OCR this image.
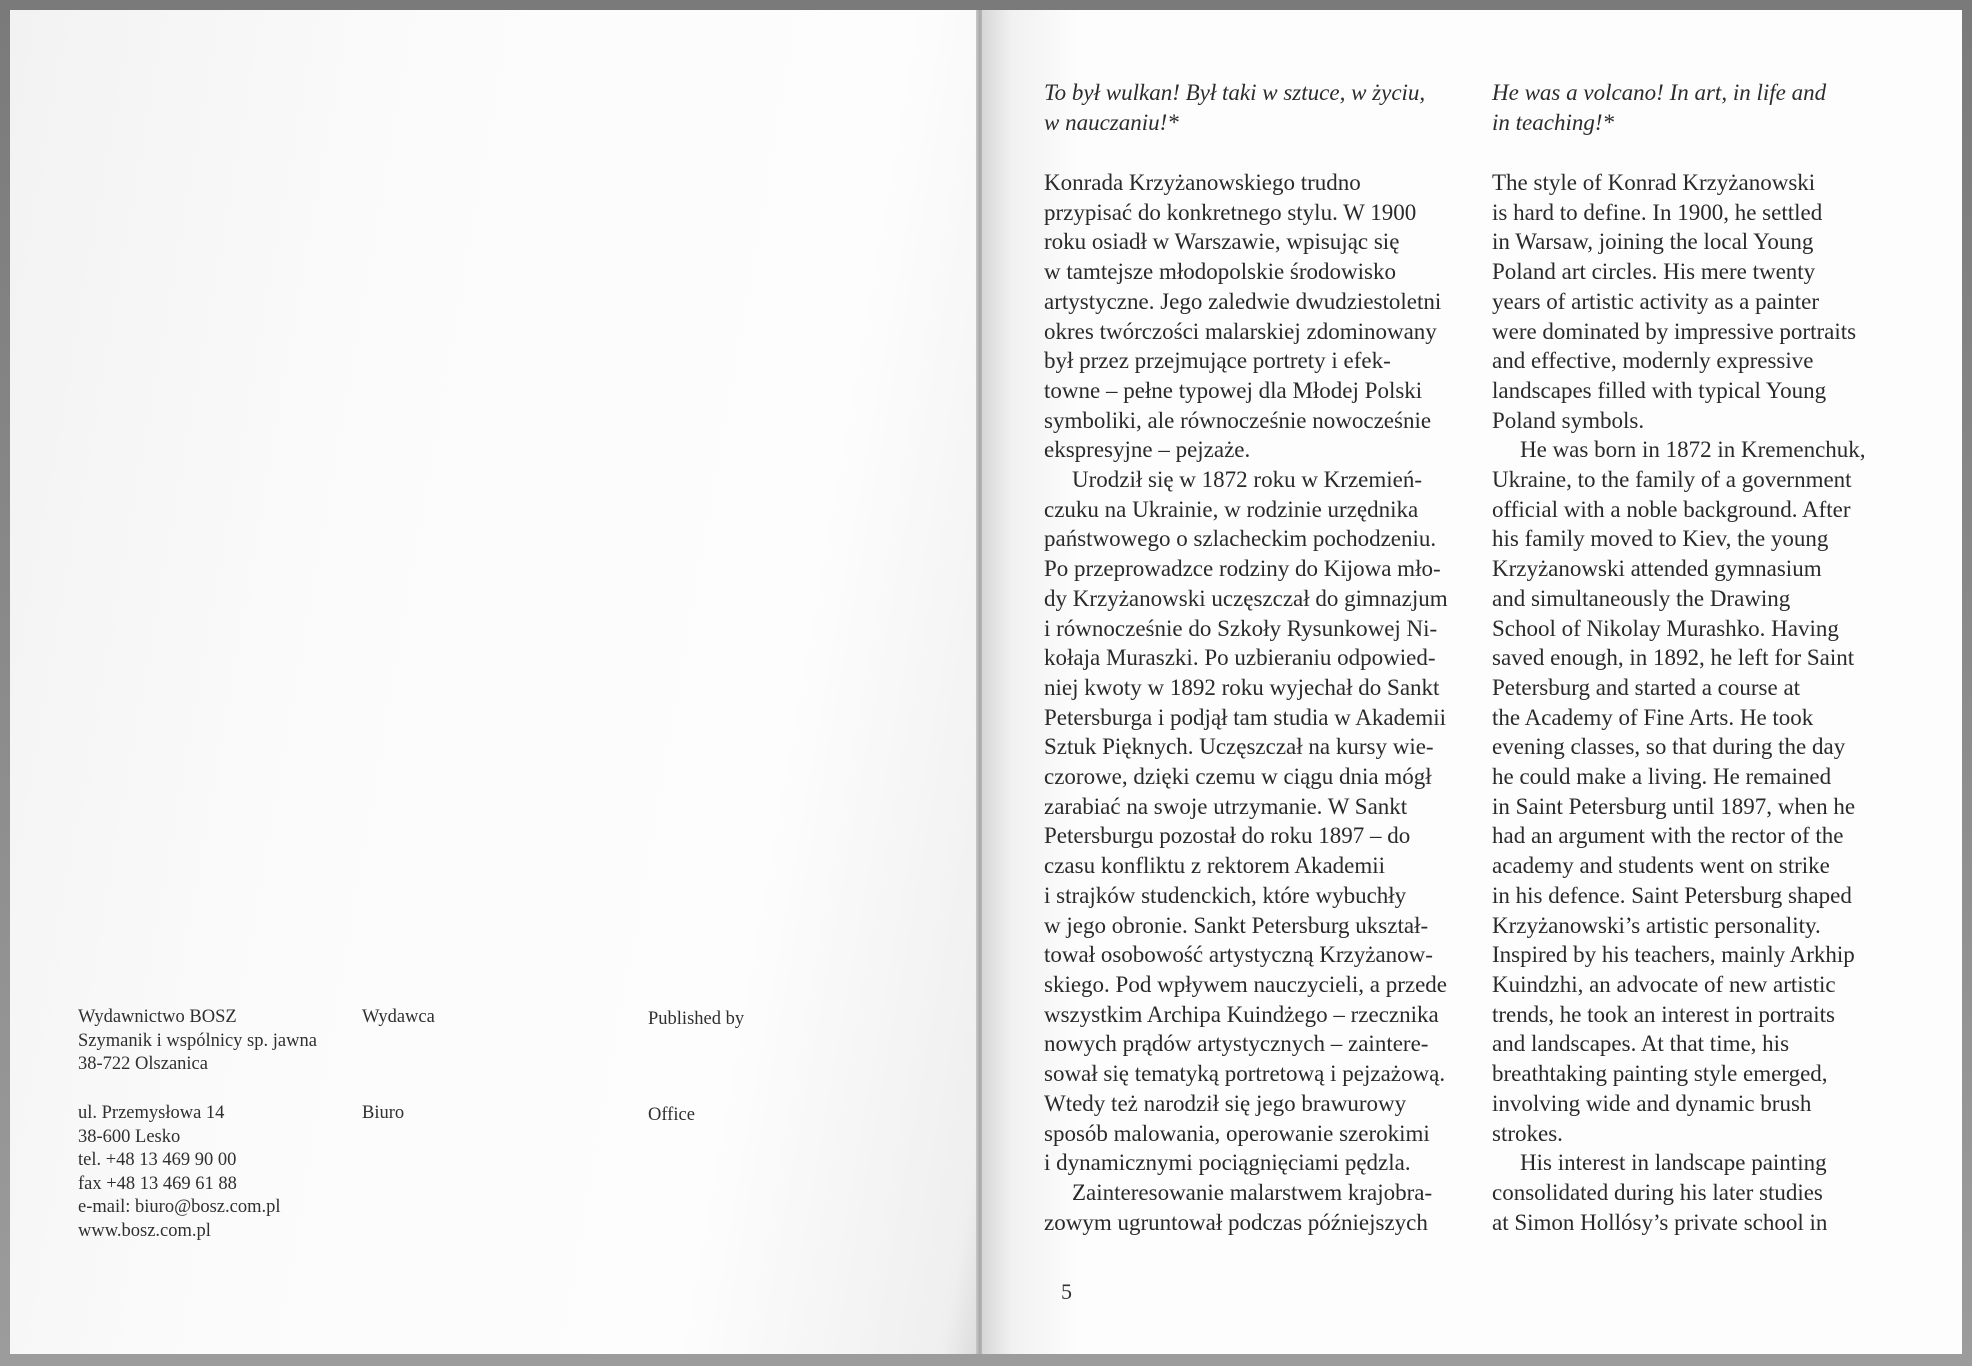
Wydawnictwo BOSZ
Szymanik i wspólnicy sp. jawna
38-722 Olszanica
Wydawca	Published by
ul. Przemysłowa 14
38-600 Lesko
tel. +48 13 469 90 00
fax +48 13 469 61 88
e-mail: biuro@bosz.com.pl
www.bosz.com.pl
Biuro	Office
To był wulkan! Był taki w sztuce, w życiu,
w nauczaniu!*
He was a volcano! In art, in life and
in teaching!*
Konrada Krzyżanowskiego trudno
przypisać do konkretnego stylu. W 1900
roku osiadł w Warszawie, wpisując się
w tamtejsze młodopolskie środowisko
artystyczne. Jego zaledwie dwudziestoletni
okres twórczości malarskiej zdominowany
był przez przejmujące portrety i efek-
towne – pełne typowej dla Młodej Polski
symboliki, ale równocześnie nowocześnie
ekspresyjne – pejzaże.
Urodził się w 1872 roku w Krzemień-
czuku na Ukrainie, w rodzinie urzędnika
państwowego o szlacheckim pochodzeniu.
Po przeprowadzce rodziny do Kijowa mło-
dy Krzyżanowski uczęszczał do gimnazjum
i równocześnie do Szkoły Rysunkowej Ni-
kołaja Muraszki. Po uzbieraniu odpowied-
niej kwoty w 1892 roku wyjechał do Sankt
Petersburga i podjął tam studia w Akademii
Sztuk Pięknych. Uczęszczał na kursy wie-
czorowe, dzięki czemu w ciągu dnia mógł
zarabiać na swoje utrzymanie. W Sankt
Petersburgu pozostał do roku 1897 – do
czasu konfliktu z rektorem Akademii
i strajków studenckich, które wybuchły
w jego obronie. Sankt Petersburg ukształ-
tował osobowość artystyczną Krzyżanow-
skiego. Pod wpływem nauczycieli, a przede
wszystkim Archipa Kuindżego – rzecznika
nowych prądów artystycznych – zaintere-
sował się tematyką portretową i pejzażową.
Wtedy też narodził się jego brawurowy
sposób malowania, operowanie szerokimi
i dynamicznymi pociągnięciami pędzla.
Zainteresowanie malarstwem krajobra-
zowym ugruntował podczas późniejszych
The style of Konrad Krzyżanowski
is hard to define. In 1900, he settled
in Warsaw, joining the local Young
Poland art circles. His mere twenty
years of artistic activity as a painter
were dominated by impressive portraits
and effective, modernly expressive
landscapes filled with typical Young
Poland symbols.
He was born in 1872 in Kremenchuk,
Ukraine, to the family of a government
official with a noble background. After
his family moved to Kiev, the young
Krzyżanowski attended gymnasium
and simultaneously the Drawing
School of Nikolay Murashko. Having
saved enough, in 1892, he left for Saint
Petersburg and started a course at
the Academy of Fine Arts. He took
evening classes, so that during the day
he could make a living. He remained
in Saint Petersburg until 1897, when he
had an argument with the rector of the
academy and students went on strike
in his defence. Saint Petersburg shaped
Krzyżanowski’s artistic personality.
Inspired by his teachers, mainly Arkhip
Kuindzhi, an advocate of new artistic
trends, he took an interest in portraits
and landscapes. At that time, his
breathtaking painting style emerged,
involving wide and dynamic brush
strokes.
His interest in landscape painting
consolidated during his later studies
at Simon Hollósy’s private school in
5
